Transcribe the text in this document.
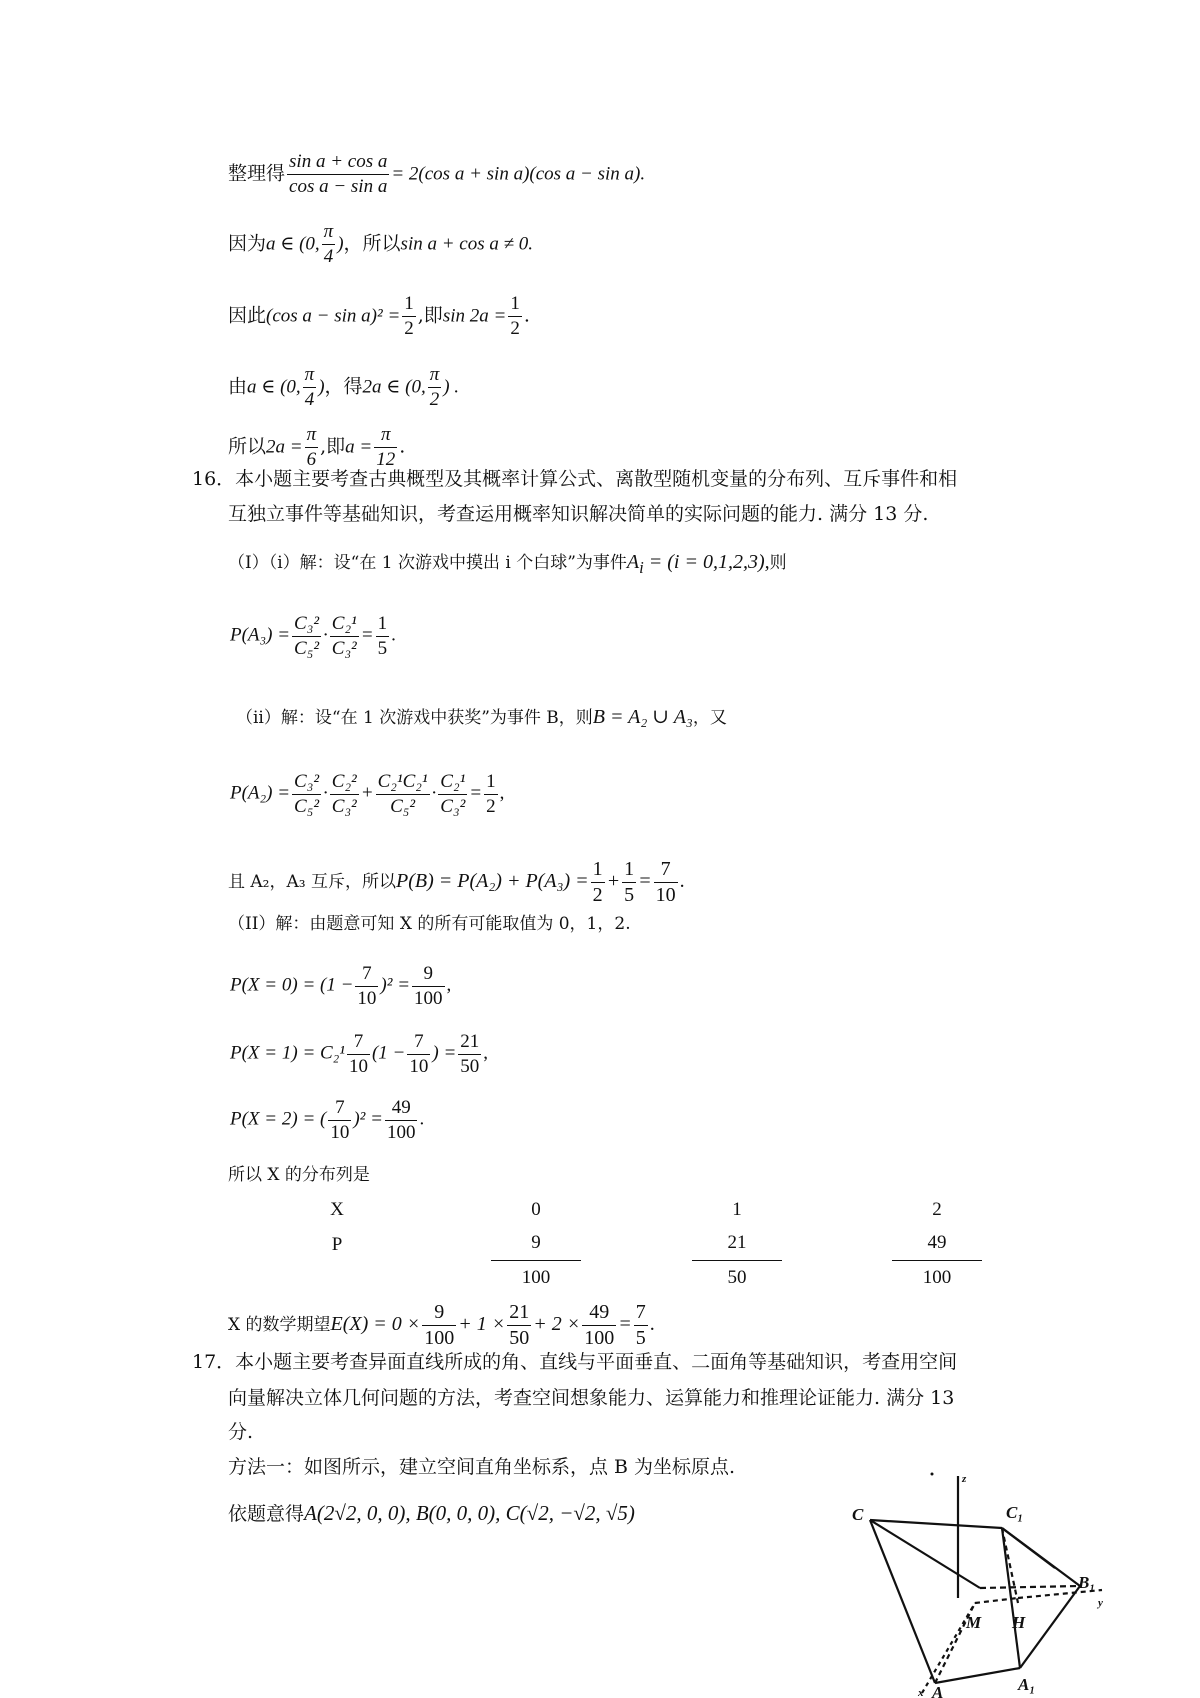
整理得 $\frac{\text{sin a + cos a}}{\text{cos a − sin a}} = 2(\cos$ a + sin a)(cos a − sin a).
因为a ∈ (0, $\frac{\pi}{4}$ )，所以sin a + cos a ≠ 0.
因此(cos $a - \sin a)^2 = \frac{1}{2}$ ,即$\sin 2a = \frac{1}{2}$ .
由a ∈ (0, $\frac{\pi}{4}$ )，得2a ∈ (0, $\frac{\pi}{2}$ ) .
所以$2a = \frac{\pi}{6}$ ,即$a = \frac{\pi}{12}$ .
16．本小题主要考查古典概型及其概率计算公式、离散型随机变量的分布列、互斥事件和相
互独立事件等基础知识，考查运用概率知识解决简单的实际问题的能力. 满分 13 分.
（I）（i）解：设“在 1 次游戏中摸出 i 个白球”为事件$A_i = (i = 0,1,2,3)$,则
$P(A_3) = \frac{\text{C₃²}}{\text{C₅²}} \cdot \frac{\text{C₂¹}}{\text{C₃²}} = \frac{1}{5}$ .
（ii）解：设“在 1 次游戏中获奖”为事件 B，则B = A₂ ∪ A₃，又
$P(A_2) = \frac{\text{C₃²}}{\text{C₅²}} \cdot \frac{\text{C₂²}}{\text{C₃²}} + \frac{\text{C₂¹C₂¹}}{\text{C₅²}} \cdot \frac{\text{C₂¹}}{\text{C₃²}} = \frac{1}{2}$ ,
且 A₂，A₃ 互斥，所以$P(B) = P(A_2) + P(A_3) = \frac{1}{2} + \frac{1}{5} = \frac{7}{10}$ .
（II）解：由题意可知 X 的所有可能取值为 0，1，2.
$P(X = 0) = (1 - \frac{7}{10} )^2 = \frac{9}{100}$ ,
$P(X = 1) = C_2^1 \frac{7}{10} (1 - \frac{7}{10}$ ) = $\frac{21}{50}$ ,
P(X = 2) = ( $\frac{7}{10} )^2 = \frac{49}{100}$ .
所以 X 的分布列是
X	0	1	2
P	$\frac{9}{100}$	$\frac{21}{50}$	$\frac{49}{100}$
X 的数学期望$E(X) = 0 \times \frac{9}{100} + 1 \times \frac{21}{50} + 2 \times \frac{49}{100} = \frac{7}{5}$ .
17．本小题主要考查异面直线所成的角、直线与平面垂直、二面角等基础知识，考查用空间
向量解决立体几何问题的方法，考查空间想象能力、运算能力和推理论证能力. 满分 13
分.
方法一：如图所示，建立空间直角坐标系，点 B 为坐标原点.
依题意得A(2√2, 0, 0), B(0, 0, 0), C(√2, −√2, √5)	C	C₁
z
B₁
y
M H
A	A₁
x
